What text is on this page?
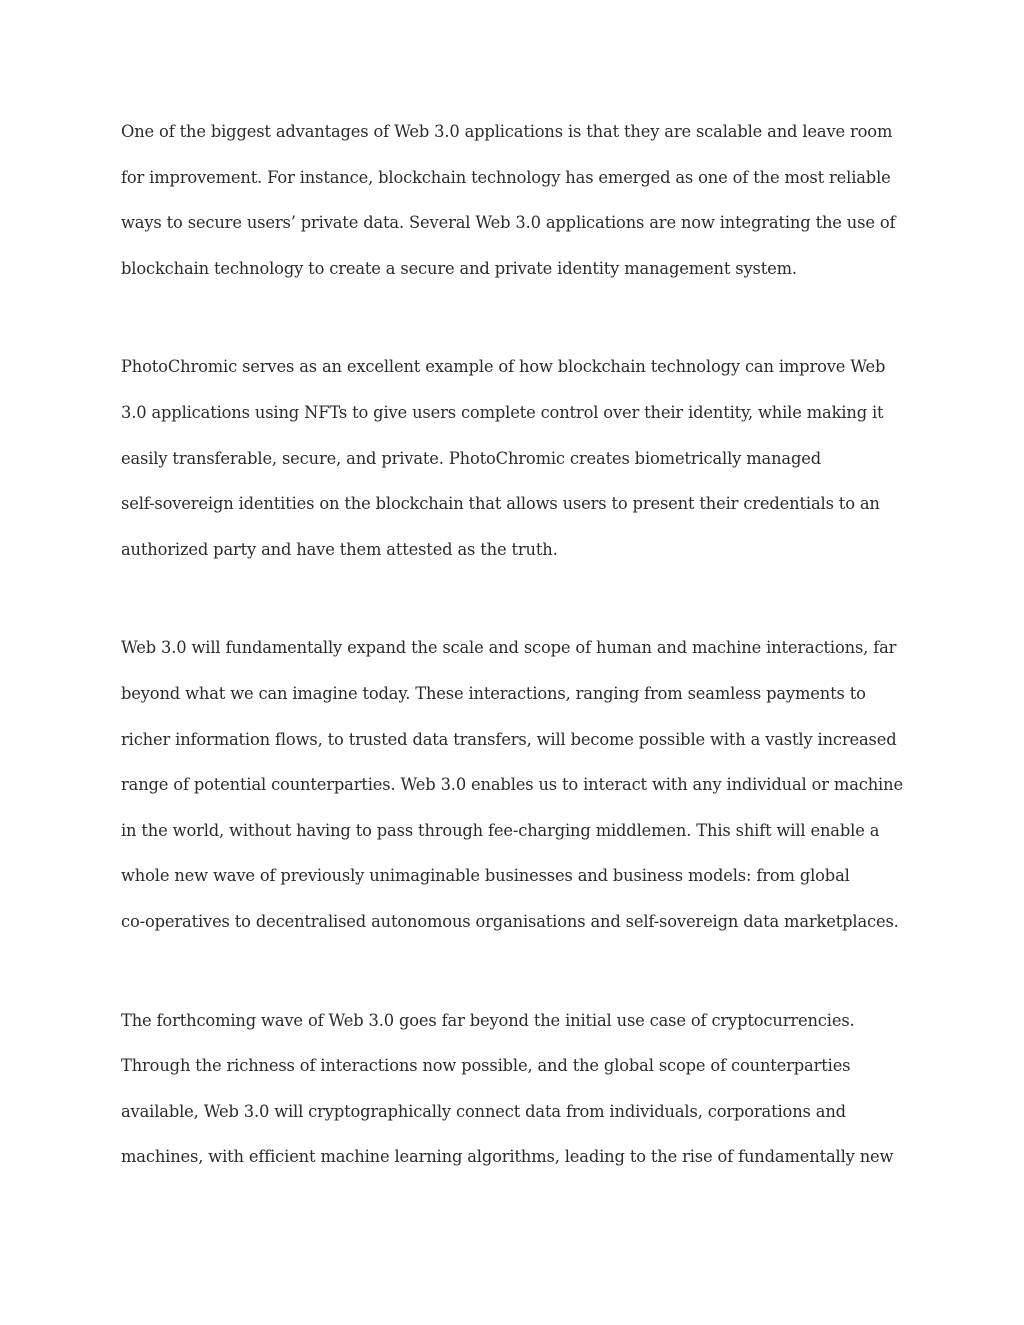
One of the biggest advantages of Web 3.0 applications is that they are scalable and leave room
for improvement. For instance, blockchain technology has emerged as one of the most reliable
ways to secure users’ private data. Several Web 3.0 applications are now integrating the use of
blockchain technology to create a secure and private identity management system.
PhotoChromic serves as an excellent example of how blockchain technology can improve Web
3.0 applications using NFTs to give users complete control over their identity, while making it
easily transferable, secure, and private. PhotoChromic creates biometrically managed
self-sovereign identities on the blockchain that allows users to present their credentials to an
authorized party and have them attested as the truth.
Web 3.0 will fundamentally expand the scale and scope of human and machine interactions, far
beyond what we can imagine today. These interactions, ranging from seamless payments to
richer information flows, to trusted data transfers, will become possible with a vastly increased
range of potential counterparties. Web 3.0 enables us to interact with any individual or machine
in the world, without having to pass through fee-charging middlemen. This shift will enable a
whole new wave of previously unimaginable businesses and business models: from global
co-operatives to decentralised autonomous organisations and self-sovereign data marketplaces.
The forthcoming wave of Web 3.0 goes far beyond the initial use case of cryptocurrencies.
Through the richness of interactions now possible, and the global scope of counterparties
available, Web 3.0 will cryptographically connect data from individuals, corporations and
machines, with efficient machine learning algorithms, leading to the rise of fundamentally new
